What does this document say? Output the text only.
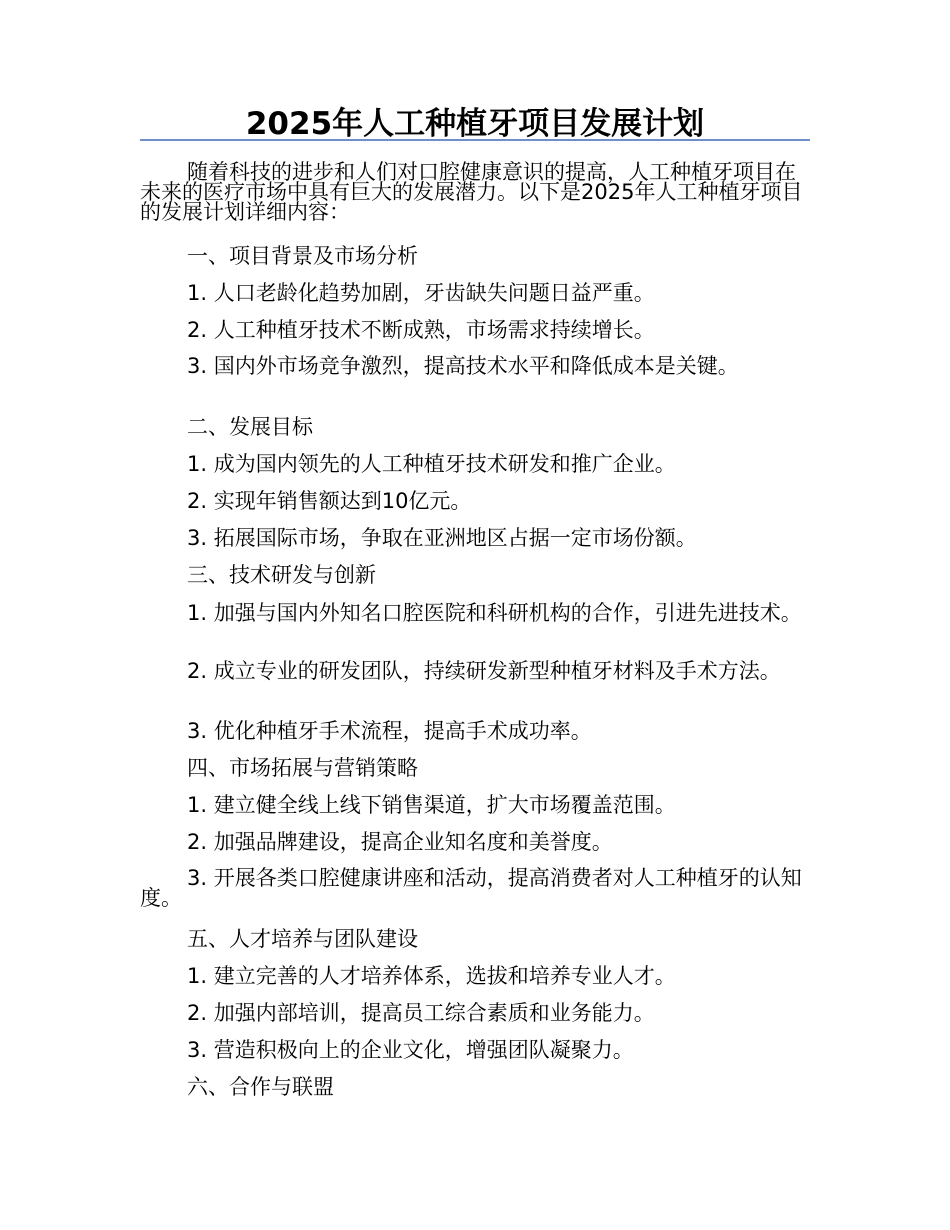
2025年人工种植牙项目发展计划
随着科技的进步和人们对口腔健康意识的提高，人工种植牙项目在未来的医疗市场中具有巨大的发展潜力。以下是2025年人工种植牙项目的发展计划详细内容：
一、项目背景及市场分析
1. 人口老龄化趋势加剧，牙齿缺失问题日益严重。
2. 人工种植牙技术不断成熟，市场需求持续增长。
3. 国内外市场竞争激烈，提高技术水平和降低成本是关键。
二、发展目标
1. 成为国内领先的人工种植牙技术研发和推广企业。
2. 实现年销售额达到10亿元。
3. 拓展国际市场，争取在亚洲地区占据一定市场份额。
三、技术研发与创新
1. 加强与国内外知名口腔医院和科研机构的合作，引进先进技术。
2. 成立专业的研发团队，持续研发新型种植牙材料及手术方法。
3. 优化种植牙手术流程，提高手术成功率。
四、市场拓展与营销策略
1. 建立健全线上线下销售渠道，扩大市场覆盖范围。
2. 加强品牌建设，提高企业知名度和美誉度。
3. 开展各类口腔健康讲座和活动，提高消费者对人工种植牙的认知度。
五、人才培养与团队建设
1. 建立完善的人才培养体系，选拔和培养专业人才。
2. 加强内部培训，提高员工综合素质和业务能力。
3. 营造积极向上的企业文化，增强团队凝聚力。
六、合作与联盟
